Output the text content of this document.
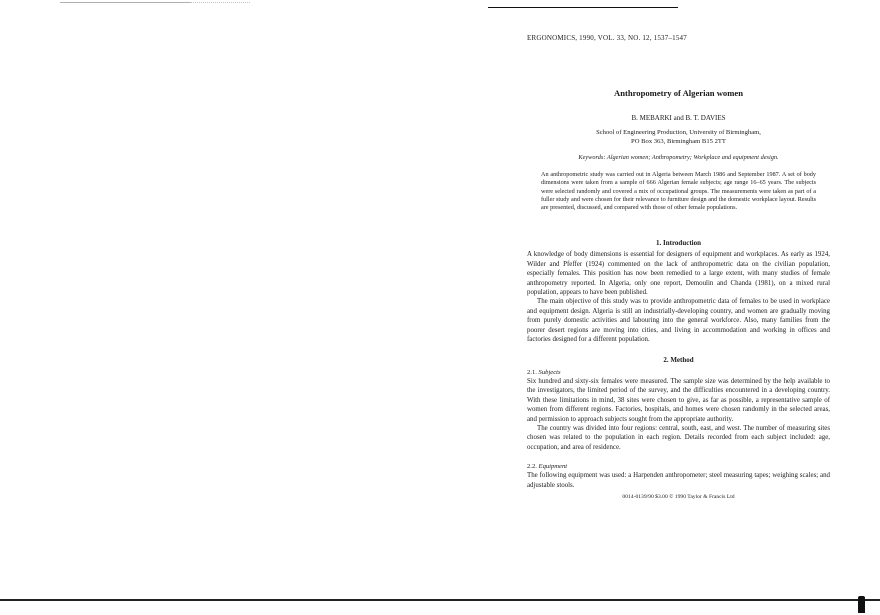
ERGONOMICS, 1990, VOL. 33, NO. 12, 1537–1547
Anthropometry of Algerian women
B. MEBARKI and B. T. DAVIES
School of Engineering Production, University of Birmingham,
PO Box 363, Birmingham B15 2TT
Keywords: Algerian women; Anthropometry; Workplace and equipment design.
An anthropometric study was carried out in Algeria between March 1986 and September 1987. A set of body dimensions were taken from a sample of 666 Algerian female subjects; age range 16–65 years. The subjects were selected randomly and covered a mix of occupational groups. The measurements were taken as part of a fuller study and were chosen for their relevance to furniture design and the domestic workplace layout. Results are presented, discussed, and compared with those of other female populations.
1. Introduction

A knowledge of body dimensions is essential for designers of equipment and workplaces. As early as 1924, Wilder and Pfeffer (1924) commented on the lack of anthropometric data on the civilian population, especially females. This position has now been remedied to a large extent, with many studies of female anthropometry reported. In Algeria, only one report, Demoulin and Chanda (1981), on a mixed rural population, appears to have been published.

The main objective of this study was to provide anthropometric data of females to be used in workplace and equipment design. Algeria is still an industrially-developing country, and women are gradually moving from purely domestic activities and labouring into the general workforce. Also, many families from the poorer desert regions are moving into cities, and living in accommodation and working in offices and factories designed for a different population.

2. Method

2.1. Subjects

Six hundred and sixty-six females were measured. The sample size was determined by the help available to the investigators, the limited period of the survey, and the difficulties encountered in a developing country. With these limitations in mind, 38 sites were chosen to give, as far as possible, a representative sample of women from different regions. Factories, hospitals, and homes were chosen randomly in the selected areas, and permission to approach subjects sought from the appropriate authority.

The country was divided into four regions: central, south, east, and west. The number of measuring sites chosen was related to the population in each region. Details recorded from each subject included: age, occupation, and area of residence.

2.2. Equipment

The following equipment was used: a Harpenden anthropometer; steel measuring tapes; weighing scales; and adjustable stools.

0014-0139/90 $3.00 © 1990 Taylor & Francis Ltd
